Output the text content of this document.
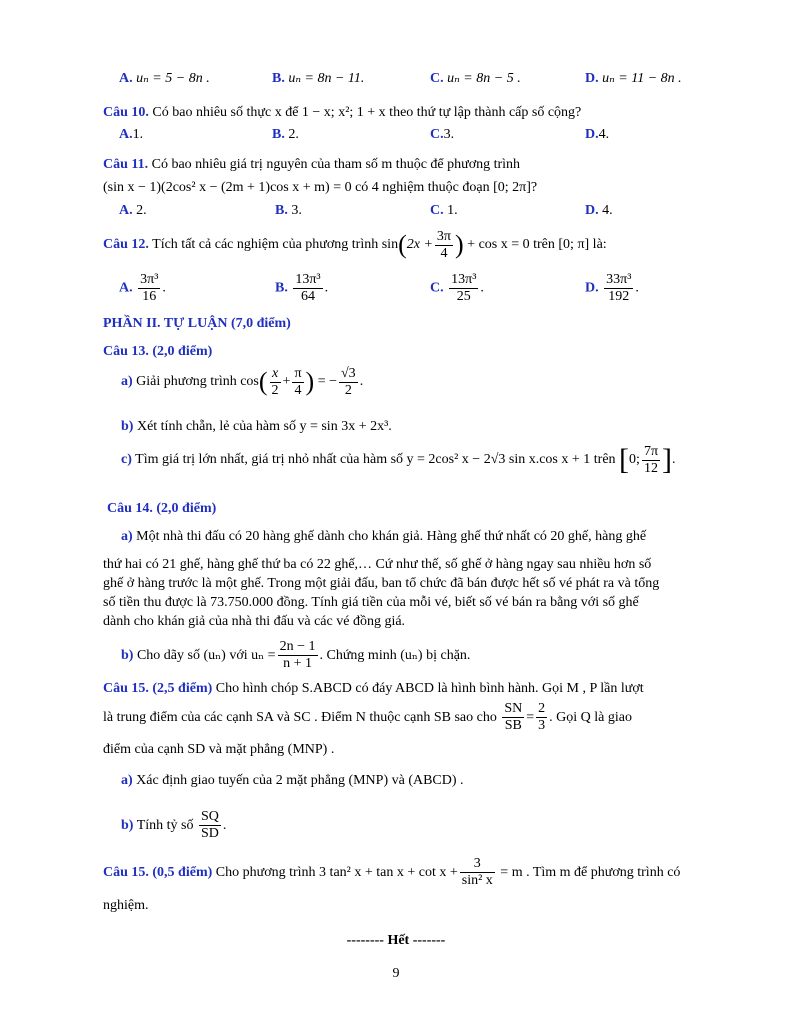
A. uₙ = 5 − 8n .	B. uₙ = 8n − 11.	C. uₙ = 8n − 5 .	D. uₙ = 11 − 8n .
Câu 10. Có bao nhiêu số thực x để 1 − x; x²; 1 + x theo thứ tự lập thành cấp số cộng?
A.1.	B. 2.	C.3.	D.4.
Câu 11. Có bao nhiêu giá trị nguyên của tham số m thuộc để phương trình
(sin x − 1)(2cos² x − (2m + 1)cos x + m) = 0 có 4 nghiệm thuộc đoạn [0; 2π]?
A. 2.	B. 3.	C. 1.	D. 4.
Câu 12. Tích tất cả các nghiệm của phương trình $\sin(2x + \frac{3\pi}{4}$ ) + cos x = 0 trên [0; π] là:
A. $\frac{\text{3π³}}{16}$ .	B. $\frac{\text{13π³}}{64}$ .	C. $\frac{\text{13π³}}{25}$ .	D. $\frac{\text{33π³}}{192}$ .
PHẦN II. TỰ LUẬN (7,0 điểm)
Câu 13. (2,0 điểm)
a) Giải phương trình $\cos( \frac{x}{2} + \frac{\pi}{4}$ ) = − $\frac{√3}{2}$ .
b) Xét tính chẵn, lẻ của hàm số y = sin 3x + 2x³.
c) Tìm giá trị lớn nhất, giá trị nhỏ nhất của hàm số y = 2cos² x − 2√3 sin x.cos x + 1 trên [0; $\frac{7\pi}{12}$ ].
Câu 14. (2,0 điểm)
a) Một nhà thi đấu có 20 hàng ghế dành cho khán giả. Hàng ghế thứ nhất có 20 ghế, hàng ghế
thứ hai có 21 ghế, hàng ghế thứ ba có 22 ghế,… Cứ như thế, số ghế ở hàng ngay sau nhiều hơn số
ghế ở hàng trước là một ghế. Trong một giải đấu, ban tổ chức đã bán được hết số vé phát ra và tổng
số tiền thu được là 73.750.000 đồng. Tính giá tiền của mỗi vé, biết số vé bán ra bằng với số ghế
dành cho khán giả của nhà thi đấu và các vé đồng giá.
b) Cho dãy số (uₙ) với $u_n = \frac{2n - 1}{n + 1}$ . Chứng minh (uₙ) bị chặn.
Câu 15. (2,5 điểm) Cho hình chóp S.ABCD có đáy ABCD là hình bình hành. Gọi M , P lần lượt
là trung điểm của các cạnh SA và SC . Điểm N thuộc cạnh SB sao cho $\frac{SN}{SB} = \frac{2}{3}$ . Gọi Q là giao
điểm của cạnh SD và mặt phẳng (MNP) .
a) Xác định giao tuyến của 2 mặt phẳng (MNP) và (ABCD) .
b) Tính tỷ số $\frac{SQ}{SD}$ .
Câu 15. (0,5 điểm) Cho phương trình 3 tan² $x + \tan x + \cot x + \frac{3}{\text{sin² x}} = m$ . Tìm m để phương trình có
nghiệm.
-------- Hết -------
9
